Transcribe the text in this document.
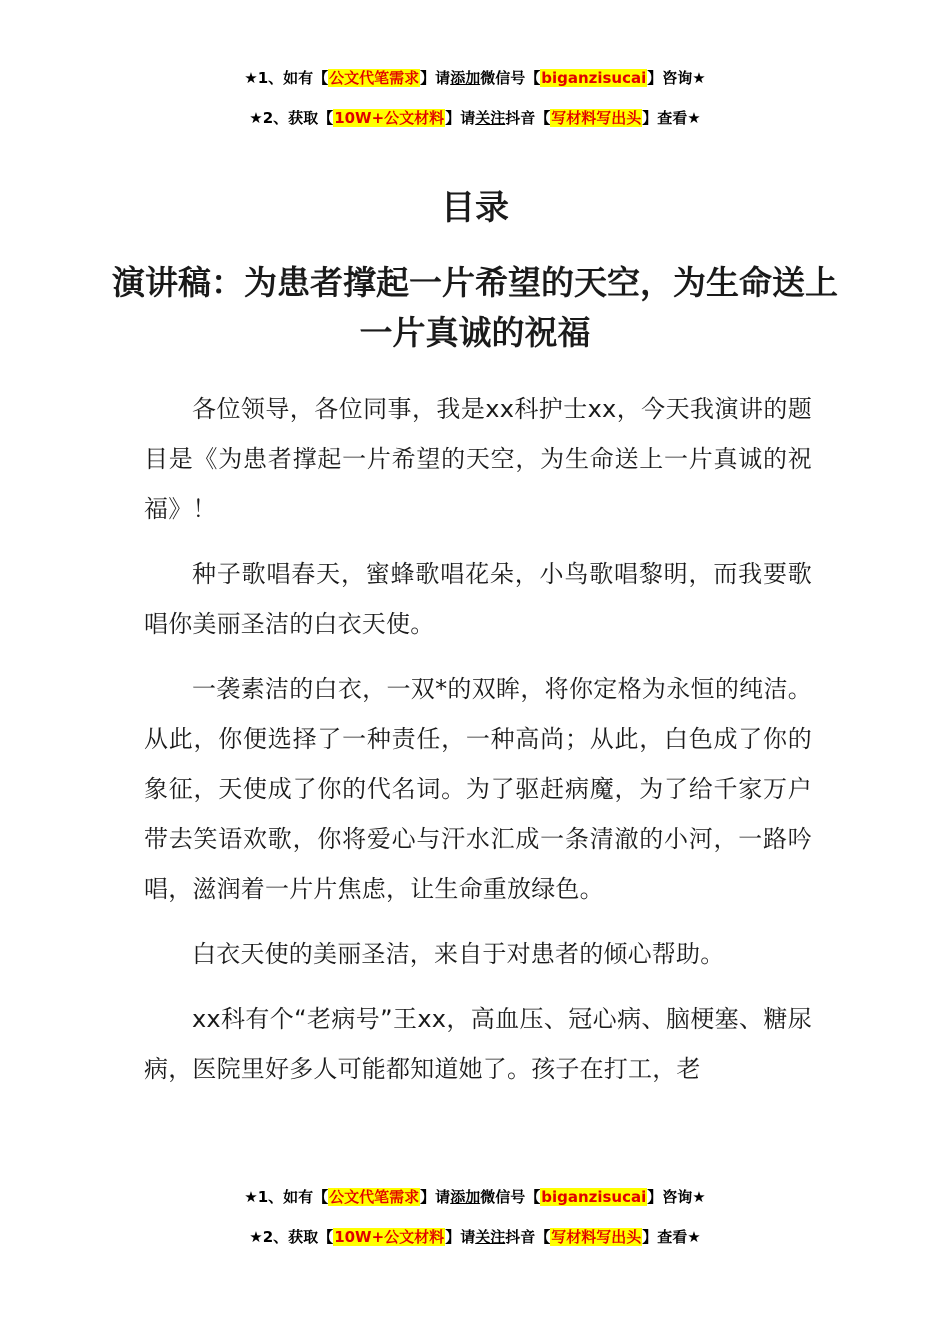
★1、如有【公文代笔需求】请添加微信号【biganzisucai】咨询★
★2、获取【10W+公文材料】请关注抖音【写材料写出头】查看★
目录
演讲稿：为患者撑起一片希望的天空，为生命送上一片真诚的祝福

各位领导，各位同事，我是xx科护士xx，今天我演讲的题目是《为患者撑起一片希望的天空，为生命送上一片真诚的祝福》！

种子歌唱春天，蜜蜂歌唱花朵，小鸟歌唱黎明，而我要歌唱你美丽圣洁的白衣天使。

一袭素洁的白衣，一双*的双眸，将你定格为永恒的纯洁。从此，你便选择了一种责任，一种高尚；从此，白色成了你的象征，天使成了你的代名词。为了驱赶病魔，为了给千家万户带去笑语欢歌，你将爱心与汗水汇成一条清澈的小河，一路吟唱，滋润着一片片焦虑，让生命重放绿色。

白衣天使的美丽圣洁，来自于对患者的倾心帮助。

xx科有个“老病号”王xx，高血压、冠心病、脑梗塞、糖尿病，医院里好多人可能都知道她了。孩子在打工，老

★1、如有【公文代笔需求】请添加微信号【biganzisucai】咨询★
★2、获取【10W+公文材料】请关注抖音【写材料写出头】查看★
